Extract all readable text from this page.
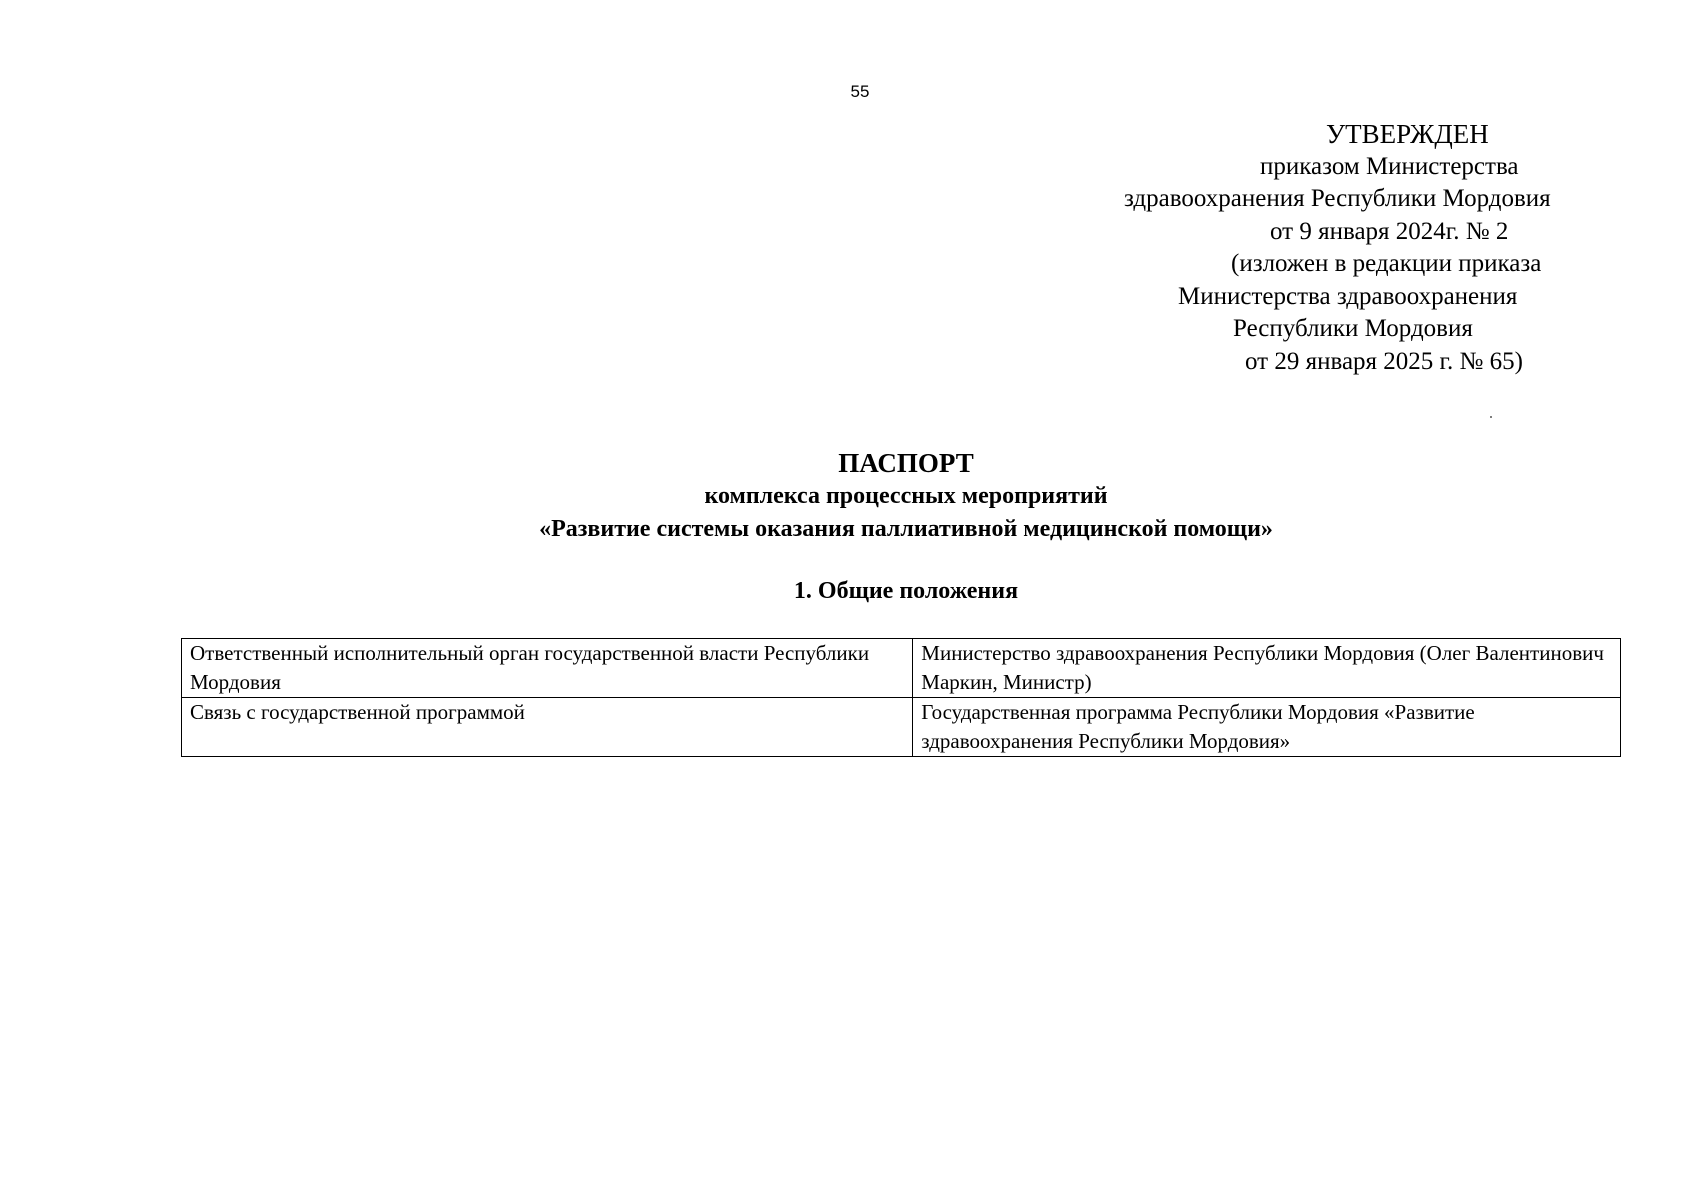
55
УТВЕРЖДЕН
приказом Министерства
здравоохранения Республики Мордовия
от 9 января 2024г. № 2
(изложен в редакции приказа
Министерства здравоохранения
Республики Мордовия
от 29 января 2025 г. № 65)
ПАСПОРТ
комплекса процессных мероприятий
«Развитие системы оказания паллиативной медицинской помощи»
1. Общие положения
Ответственный исполнительный орган государственной власти Республики Мордовия	Министерство здравоохранения Республики Мордовия (Олег Валентинович Маркин, Министр)
Связь с государственной программой	Государственная программа Республики Мордовия «Развитие здравоохранения Республики Мордовия»
